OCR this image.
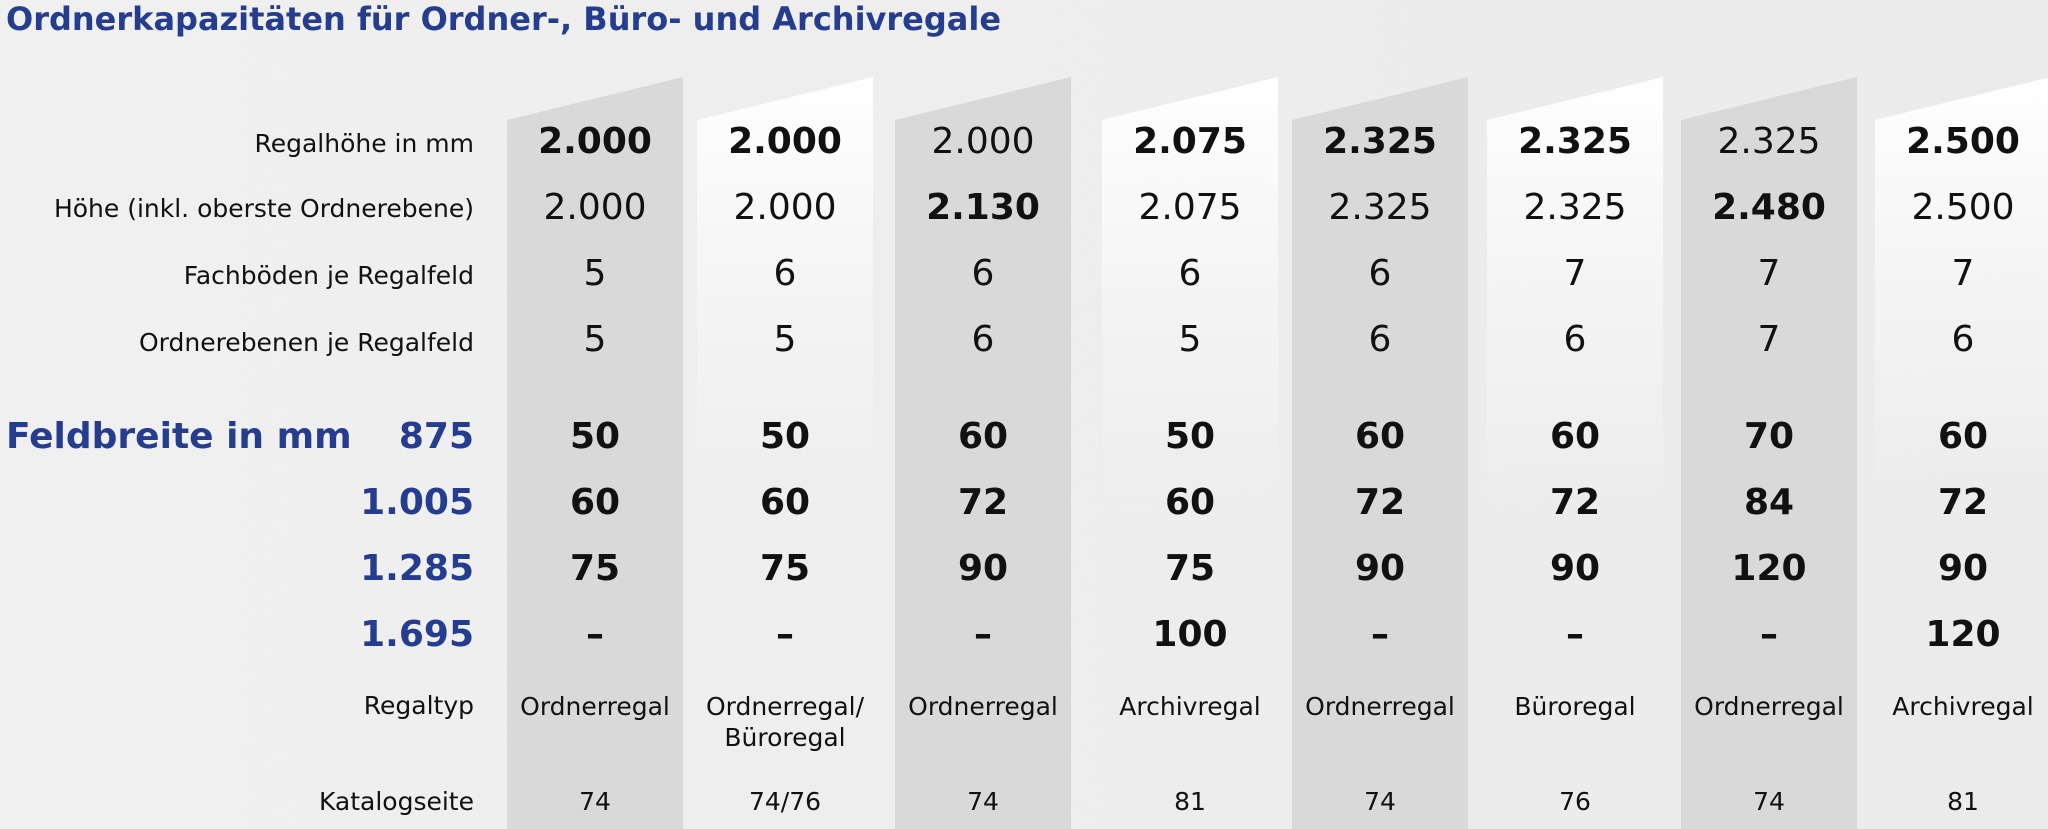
Ordnerkapazitäten für Ordner-, Büro- und Archivregale
Regalhöhe in mm
Höhe (inkl. oberste Ordnerebene)
Fachböden je Regalfeld
Ordnerebenen je Regalfeld
Regaltyp
Katalogseite
875
1.005
1.285
1.695
Feldbreite in mm
2.000
2.000
5
5
50
60
75
–
Ordnerregal
74
2.000
2.000
6
5
50
60
75
–
Ordnerregal/
Büroregal
74/76
2.000
2.130
6
6
60
72
90
–
Ordnerregal
74
2.075
2.075
6
5
50
60
75
100
Archivregal
81
2.325
2.325
6
6
60
72
90
–
Ordnerregal
74
2.325
2.325
7
6
60
72
90
–
Büroregal
76
2.325
2.480
7
7
70
84
120
–
Ordnerregal
74
2.500
2.500
7
6
60
72
90
120
Archivregal
81
